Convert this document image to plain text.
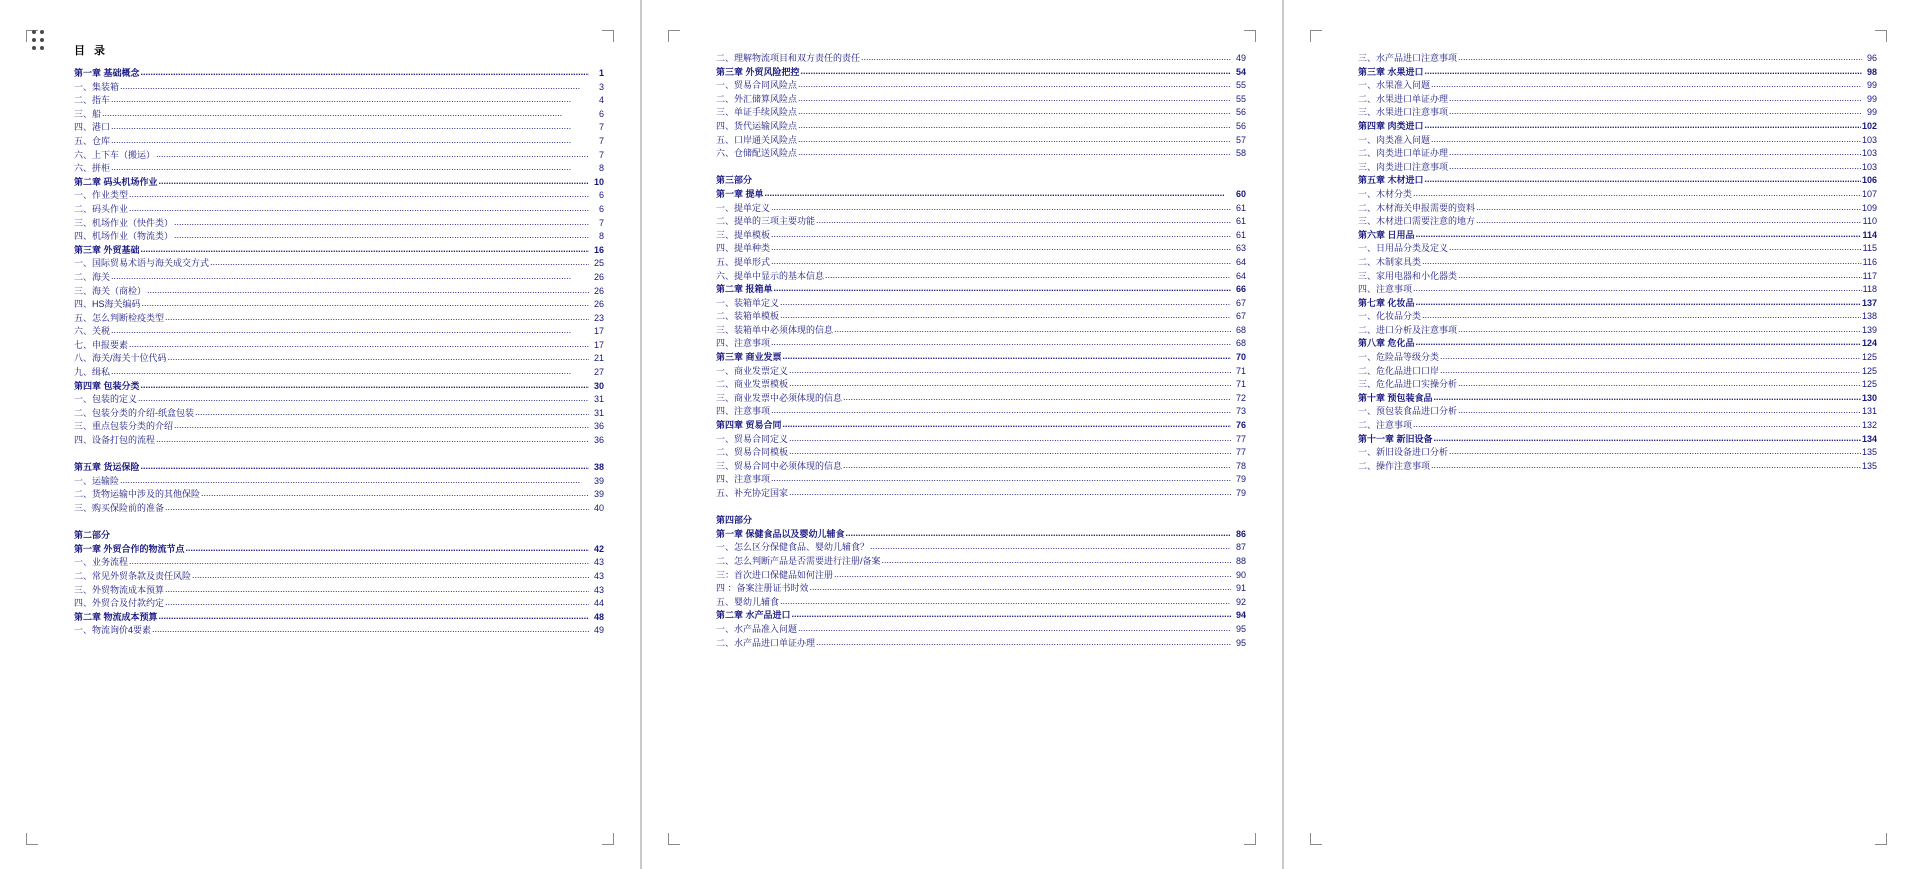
目 录
第一章 基础概念 .....	1
一、集装箱 .....	3
二、指车 .....	4
三、船 .....	6
四、港口 .....	7
五、仓库 .....	7
六、上下车（搬运） .....	7
六、拼柜 .....	8
第二章 码头机场作业 .....	10
一、作业类型 .....	6
二、码头作业 .....	6
三、机场作业（快件类） .....	7
四、机场作业（物流类） .....	8
第三章 外贸基础 .....	16
一、国际贸易术语与海关成交方式 .....	25
二、海关 .....	26
三、海关（商检） .....	26
四、HS海关编码 .....	26
五、怎么判断检疫类型 .....	23
六、关税 .....	17
七、申报要素 .....	17
八、海关/海关十位代码 .....	21
九、缉私 .....	27
第四章 包装分类 .....	30
一、包装的定义 .....	31
二、包装分类的介绍-纸盒包装 .....	31
三、重点包装分类的介绍 .....	36
四、设备打包的流程 .....	36
第五章 货运保险 .....	38
一、运输险 .....	39
二、货物运输中涉及的其他保险 .....	39
三、购买保险前的准备 .....	40
第二部分
第一章 外贸合作的物流节点 .....	42
一、业务流程 .....	43
二、常见外贸条款及责任风险 .....	43
三、外贸物流成本预算 .....	43
四、外贸合及付款约定 .....	44
第二章 物流成本预算 .....	48
一、物流询价4要素 .....	49
二、理解物流项目和双方责任的责任 .....	49
第三章 外贸风险把控 .....	54
一、贸易合同风险点 .....	55
二、外汇储算风险点 .....	55
三、单证手续风险点 .....	56
四、货代运输风险点 .....	56
五、口岸通关风险点 .....	57
六、仓储配送风险点 .....	58
第三部分
第一章 提单 .....	60
一、提单定义 .....	61
二、提单的三项主要功能 .....	61
三、提单模板 .....	61
四、提单种类 .....	63
五、提单形式 .....	64
六、提单中显示的基本信息 .....	64
第二章 报箱单 .....	66
一、装箱单定义 .....	67
二、装箱单模板 .....	67
三、装箱单中必须体现的信息 .....	68
四、注意事项 .....	68
第三章 商业发票 .....	70
一、商业发票定义 .....	71
二、商业发票模板 .....	71
三、商业发票中必须体现的信息 .....	72
四、注意事项 .....	73
第四章 贸易合同 .....	76
一、贸易合同定义 .....	77
二、贸易合同模板 .....	77
三、贸易合同中必须体现的信息 .....	78
四、注意事项 .....	79
五、补充协定国家 .....	79
第四部分
第一章 保健食品以及婴幼儿辅食 .....	86
一、怎么区分保健食品、婴幼儿辅食？ .....	87
二、怎么判断产品是否需要进行注册/备案 .....	88
三：首次进口保健品如何注册 .....	90
四 ：备案注册证书时效 .....	91
五、婴幼儿辅食 .....	92
第二章 水产品进口 .....	94
一、水产品准入问题 .....	95
二、水产品进口单证办理 .....	95
三、水产品进口注意事项 .....	96
第三章 水果进口 .....	98
一、水果准入问题 .....	99
二、水果进口单证办理 .....	99
三、水果进口注意事项 .....	99
第四章 肉类进口 .....	102
一、肉类准入问题 .....	103
二、肉类进口单证办理 .....	103
三、肉类进口注意事项 .....	103
第五章 木材进口 .....	106
一、木材分类 .....	107
二、木材海关申报需要的资料 .....	109
三、木材进口需要注意的地方 .....	110
第六章 日用品 .....	114
一、日用品分类及定义 .....	115
二、木制家具类 .....	116
三、家用电器和小化器类 .....	117
四、注意事项 .....	118
第七章 化妆品 .....	137
一、化妆品分类 .....	138
二、进口分析及注意事项 .....	139
第八章 危化品 .....	124
一、危险品等级分类 .....	125
二、危化品进口口岸 .....	125
三、危化品进口实操分析 .....	125
第十章 预包装食品 .....	130
一、预包装食品进口分析 .....	131
二、注意事项 .....	132
第十一章 新旧设备 .....	134
一、新旧设备进口分析 .....	135
二、操作注意事项 .....	135
